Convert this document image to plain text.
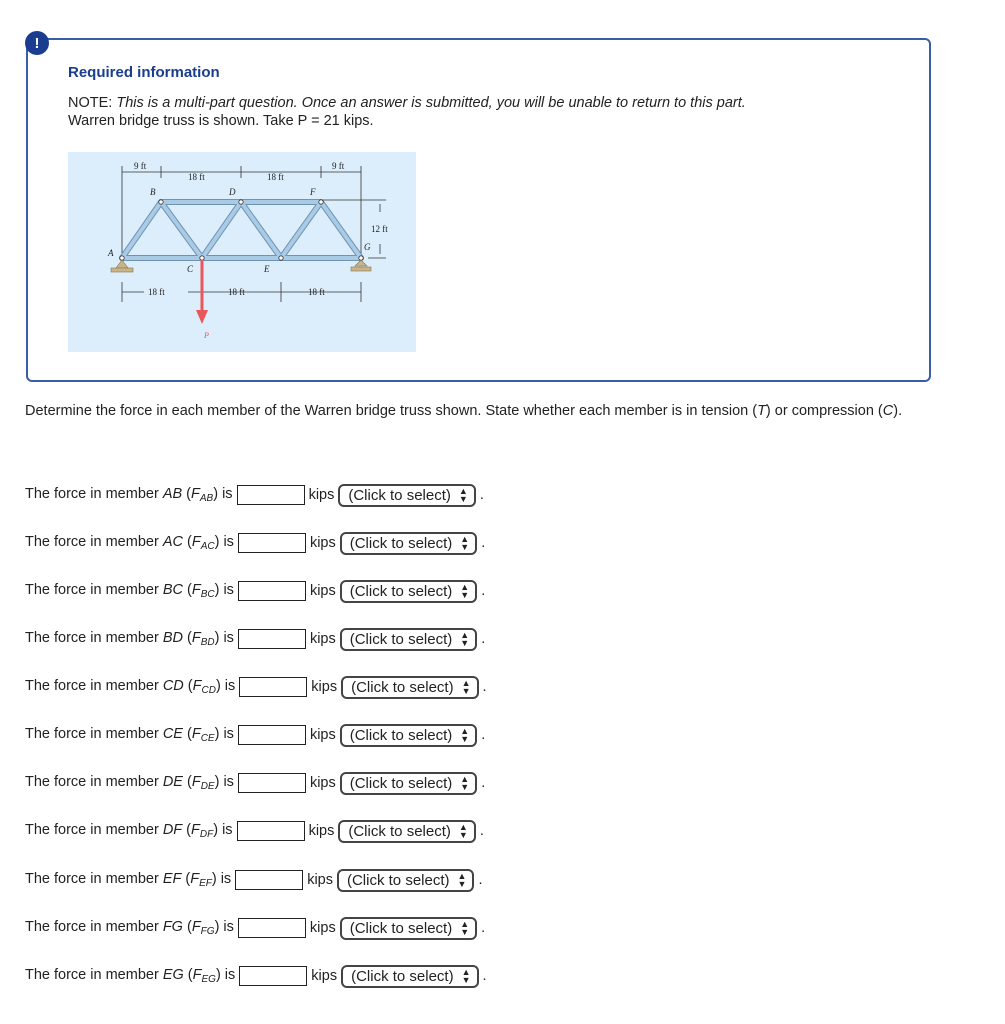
!
Required information
NOTE: This is a multi-part question. Once an answer is submitted, you will be unable to return to this part.
Warren bridge truss is shown. Take P = 21 kips.
9 ft
18 ft	18 ft
9 ft
18 ft	18 ft	18 ft
12 ft
A
B
C
D
E
F
G
P
Determine the force in each member of the Warren bridge truss shown. State whether each member is in tension (T) or compression (C).
The force in member AB $(F_{AB})$ is	kips (Click to select) ▲
▼ .
The force in member AC $(F_{AC})$ is	kips (Click to select) ▲
▼ .
The force in member BC $(F_{BC})$ is	kips (Click to select) ▲
▼ .
The force in member BD $(F_{BD})$ is	kips (Click to select) ▲
▼ .
The force in member CD $(F_{CD})$ is	kips (Click to select) ▲
▼ .
The force in member CE $(F_{CE})$ is	kips (Click to select) ▲
▼ .
The force in member DE $(F_{DE})$ is	kips (Click to select) ▲
▼ .
The force in member DF $(F_{DF})$ is	kips (Click to select) ▲
▼ .
The force in member EF $(F_{EF})$ is	kips (Click to select) ▲
▼ .
The force in member FG $(F_{FG})$ is	kips (Click to select) ▲
▼ .
The force in member EG $(F_{EG})$ is	kips (Click to select) ▲
▼ .
